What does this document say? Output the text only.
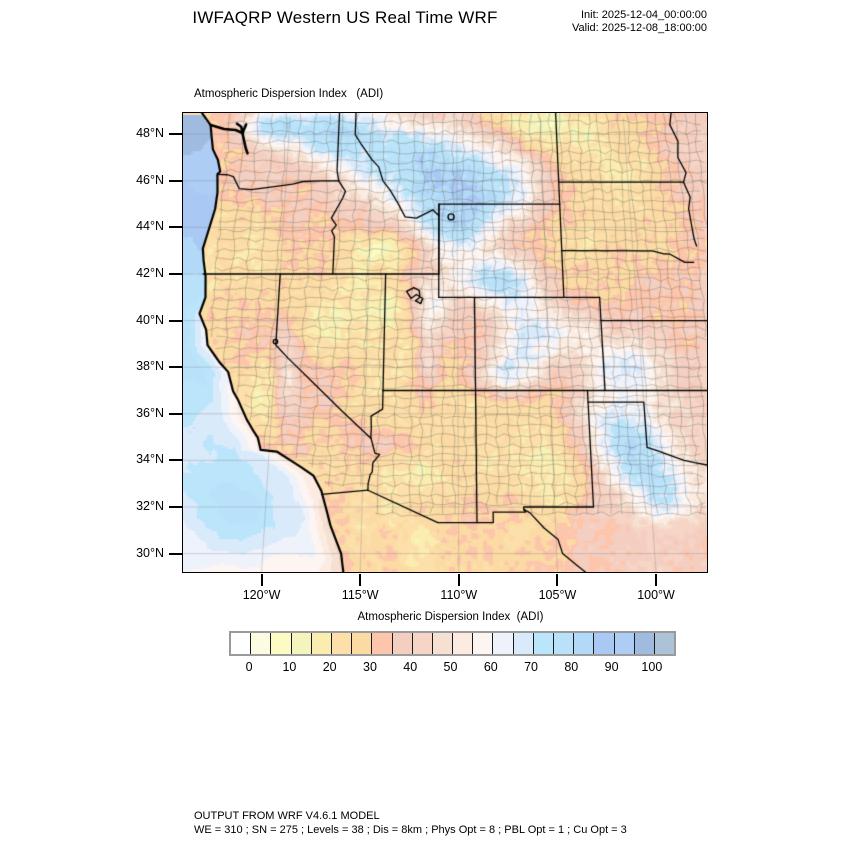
IWFAQRP Western US Real Time WRF	Init: 2025-12-04_00:00:00
Valid: 2025-12-08_18:00:00
Atmospheric Dispersion Index   (ADI)
Atmospheric Dispersion Index  (ADI)
0	10	20	30	40	50	60	70	80	90	100
OUTPUT FROM WRF V4.6.1 MODEL
WE = 310 ; SN = 275 ; Levels = 38 ; Dis = 8km ; Phys Opt = 8 ; PBL Opt = 1 ; Cu Opt = 3
48°N
46°N
44°N
42°N
40°N
38°N
36°N
34°N
32°N
30°N
120°W	115°W	110°W	105°W	100°W
